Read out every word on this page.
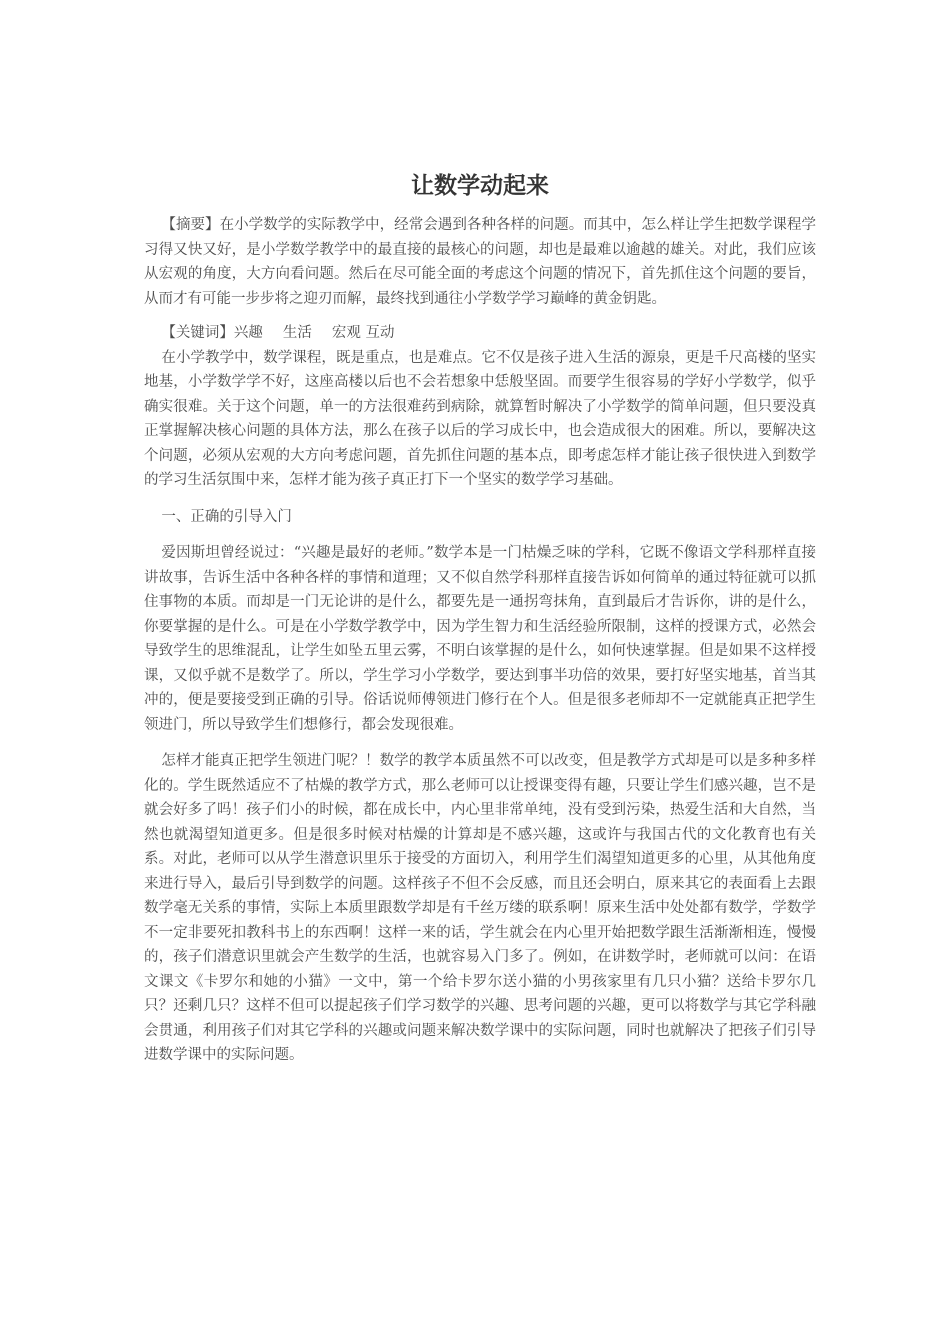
让数学动起来

【摘要】在小学数学的实际教学中，经常会遇到各种各样的问题。而其中，怎么样让学生把数学课程学习得又快又好，是小学数学教学中的最直接的最核心的问题，却也是最难以逾越的雄关。对此，我们应该从宏观的角度，大方向看问题。然后在尽可能全面的考虑这个问题的情况下，首先抓住这个问题的要旨，从而才有可能一步步将之迎刃而解，最终找到通往小学数学学习巅峰的黄金钥匙。

【关键词】兴趣 生活 宏观 互动

在小学教学中，数学课程，既是重点，也是难点。它不仅是孩子进入生活的源泉，更是千尺高楼的坚实地基，小学数学学不好，这座高楼以后也不会若想象中恁般坚固。而要学生很容易的学好小学数学，似乎确实很难。关于这个问题，单一的方法很难药到病除，就算暂时解决了小学数学的简单问题，但只要没真正掌握解决核心问题的具体方法，那么在孩子以后的学习成长中，也会造成很大的困难。所以，要解决这个问题，必须从宏观的大方向考虑问题，首先抓住问题的基本点，即考虑怎样才能让孩子很快进入到数学的学习生活氛围中来，怎样才能为孩子真正打下一个坚实的数学学习基础。

一、正确的引导入门

爱因斯坦曾经说过：“兴趣是最好的老师。”数学本是一门枯燥乏味的学科，它既不像语文学科那样直接讲故事，告诉生活中各种各样的事情和道理；又不似自然学科那样直接告诉如何简单的通过特征就可以抓住事物的本质。而却是一门无论讲的是什么，都要先是一通拐弯抹角，直到最后才告诉你，讲的是什么，你要掌握的是什么。可是在小学数学教学中，因为学生智力和生活经验所限制，这样的授课方式，必然会导致学生的思维混乱，让学生如坠五里云雾，不明白该掌握的是什么，如何快速掌握。但是如果不这样授课，又似乎就不是数学了。所以，学生学习小学数学，要达到事半功倍的效果，要打好坚实地基，首当其冲的，便是要接受到正确的引导。俗话说师傅领进门修行在个人。但是很多老师却不一定就能真正把学生领进门，所以导致学生们想修行，都会发现很难。

怎样才能真正把学生领进门呢？！数学的教学本质虽然不可以改变，但是教学方式却是可以是多种多样化的。学生既然适应不了枯燥的教学方式，那么老师可以让授课变得有趣，只要让学生们感兴趣，岂不是就会好多了吗！孩子们小的时候，都在成长中，内心里非常单纯，没有受到污染，热爱生活和大自然，当然也就渴望知道更多。但是很多时候对枯燥的计算却是不感兴趣，这或许与我国古代的文化教育也有关系。对此，老师可以从学生潜意识里乐于接受的方面切入，利用学生们渴望知道更多的心里，从其他角度来进行导入，最后引导到数学的问题。这样孩子不但不会反感，而且还会明白，原来其它的表面看上去跟数学毫无关系的事情，实际上本质里跟数学却是有千丝万缕的联系啊！原来生活中处处都有数学，学数学不一定非要死扣教科书上的东西啊！这样一来的话，学生就会在内心里开始把数学跟生活渐渐相连，慢慢的，孩子们潜意识里就会产生数学的生活，也就容易入门多了。例如，在讲数学时，老师就可以问：在语文课文《卡罗尔和她的小猫》一文中，第一个给卡罗尔送小猫的小男孩家里有几只小猫？送给卡罗尔几只？还剩几只？这样不但可以提起孩子们学习数学的兴趣、思考问题的兴趣，更可以将数学与其它学科融会贯通，利用孩子们对其它学科的兴趣或问题来解决数学课中的实际问题，同时也就解决了把孩子们引导进数学课中的实际问题。
